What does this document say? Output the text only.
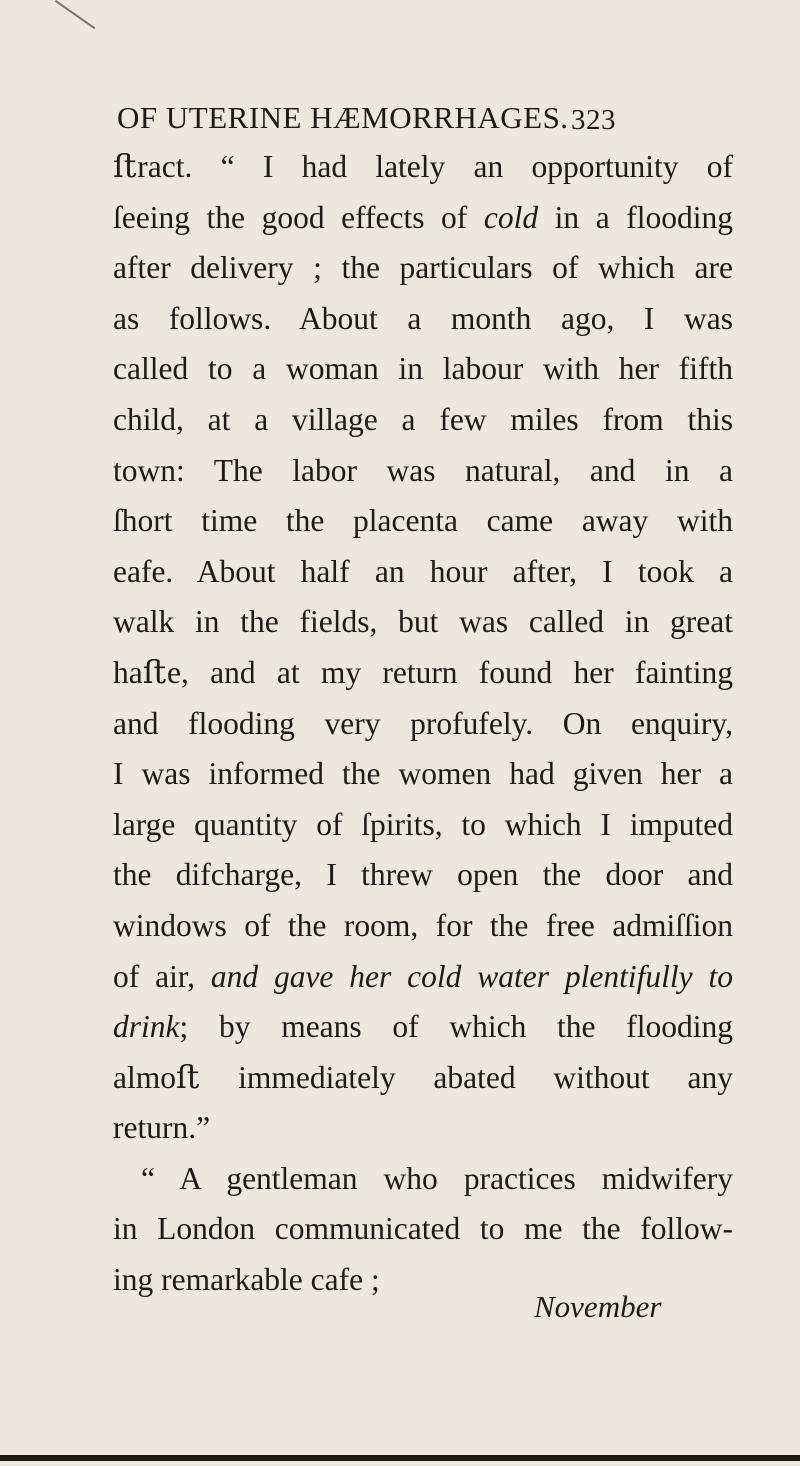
OF UTERINE HÆMORRHAGES. 323
ﬅract. “ I had lately an opportunity of
ſeeing the good effects of cold in a flooding
after delivery ; the particulars of which are
as follows. About a month ago, I was
called to a woman in labour with her fifth
child, at a village a few miles from this
town: The labor was natural, and in a
ſhort time the placenta came away with
eafe. About half an hour after, I took a
walk in the fields, but was called in great
haﬅe, and at my return found her fainting
and flooding very profufely. On enquiry,
I was informed the women had given her a
large quantity of ſpirits, to which I imputed
the difcharge, I threw open the door and
windows of the room, for the free admiſſion
of air, and gave her cold water plentifully to
drink; by means of which the flooding
almoﬅ immediately abated without any
return.”
“ A gentleman who practices midwifery
in London communicated to me the follow-
ing remarkable cafe ;
November
